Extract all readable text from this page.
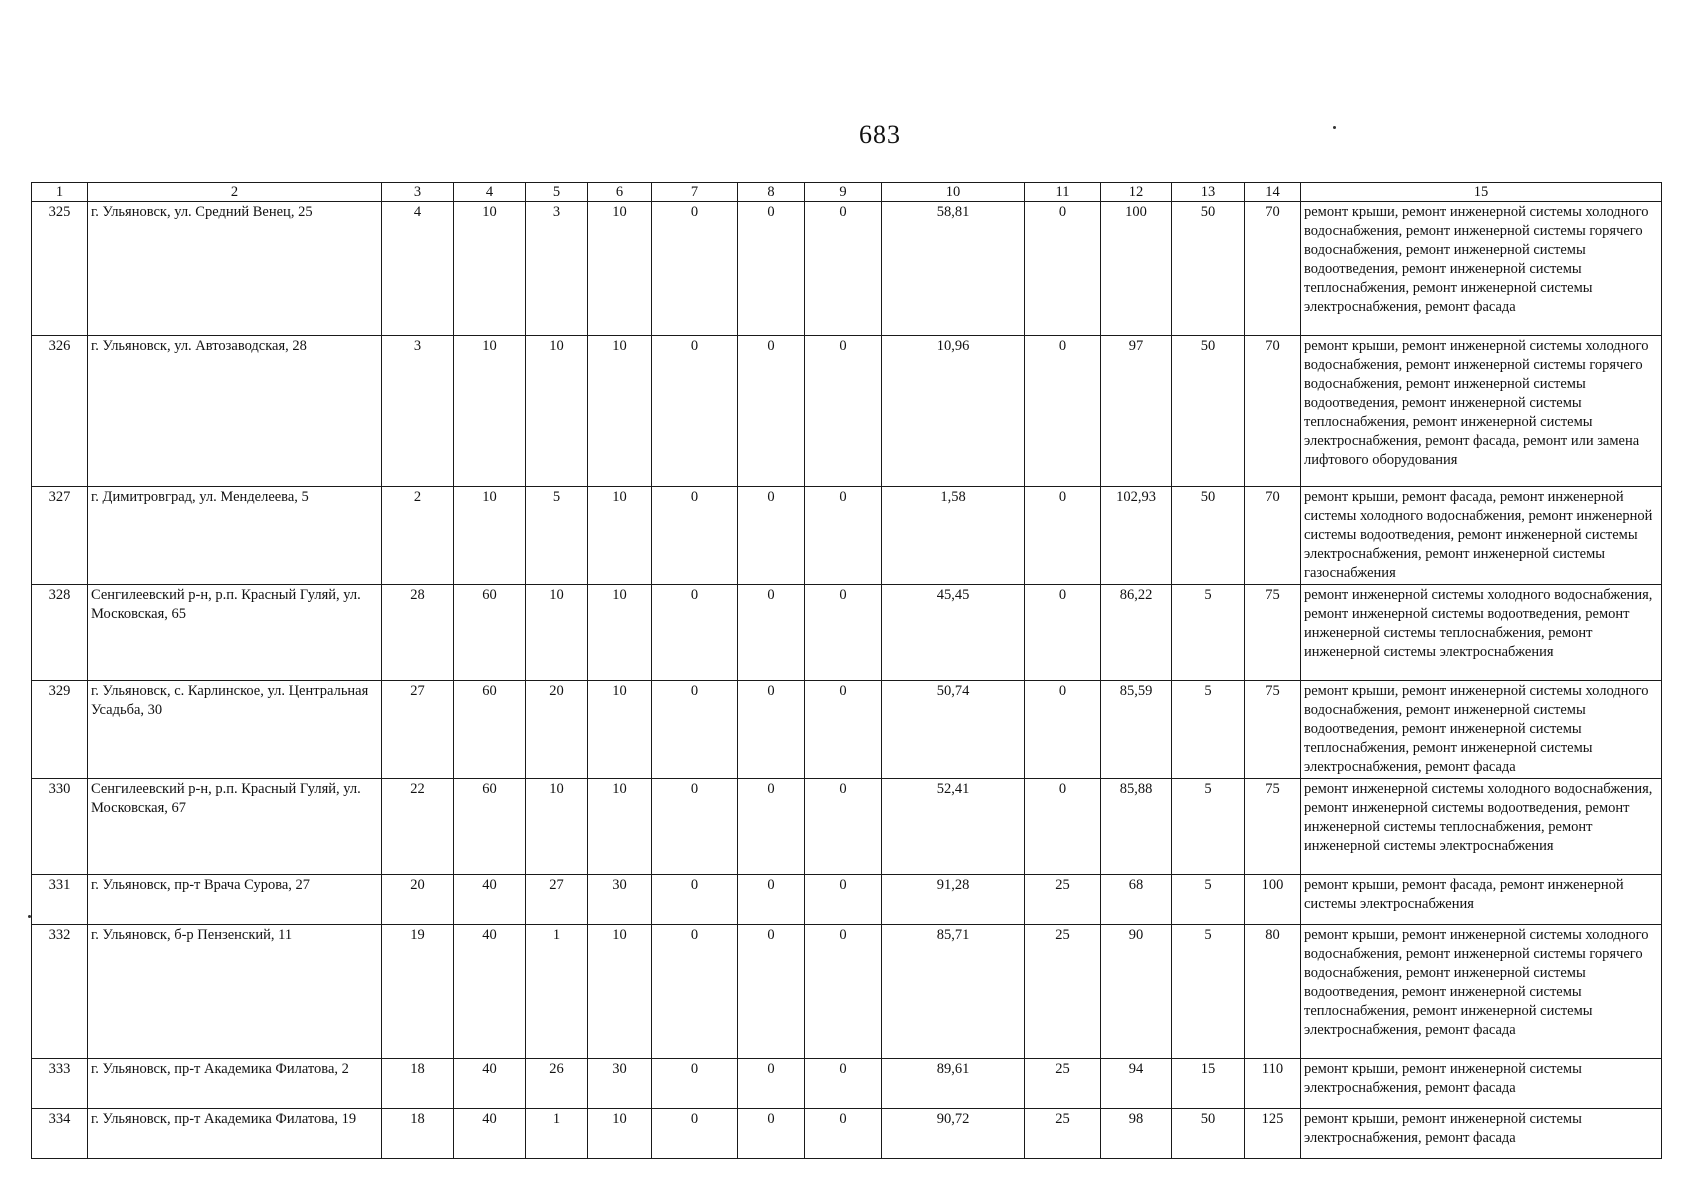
683
1	2	3	4	5	6	7	8	9	10	11	12	13	14	15
325	г. Ульяновск, ул. Средний Венец, 25	4	10	3	10	0	0	0	58,81	0	100	50	70	ремонт крыши, ремонт инженерной системы холодного водоснабжения, ремонт инженерной системы горячего водоснабжения, ремонт инженерной системы водоотведения, ремонт инженерной системы теплоснабжения, ремонт инженерной системы электроснабжения, ремонт фасада
326	г. Ульяновск, ул. Автозаводская, 28	3	10	10	10	0	0	0	10,96	0	97	50	70	ремонт крыши, ремонт инженерной системы холодного водоснабжения, ремонт инженерной системы горячего водоснабжения, ремонт инженерной системы водоотведения, ремонт инженерной системы теплоснабжения, ремонт инженерной системы электроснабжения, ремонт фасада, ремонт или замена лифтового оборудования
327	г. Димитровград, ул. Менделеева, 5	2	10	5	10	0	0	0	1,58	0	102,93	50	70	ремонт крыши, ремонт фасада, ремонт инженерной системы холодного водоснабжения, ремонт инженерной системы водоотведения, ремонт инженерной системы электроснабжения, ремонт инженерной системы газоснабжения
328	Сенгилеевский р-н, р.п. Красный Гуляй, ул. Московская, 65	28	60	10	10	0	0	0	45,45	0	86,22	5	75	ремонт инженерной системы холодного водоснабжения, ремонт инженерной системы водоотведения, ремонт инженерной системы теплоснабжения, ремонт инженерной системы электроснабжения
329	г. Ульяновск, с. Карлинское, ул. Центральная Усадьба, 30	27	60	20	10	0	0	0	50,74	0	85,59	5	75	ремонт крыши, ремонт инженерной системы холодного водоснабжения, ремонт инженерной системы водоотведения, ремонт инженерной системы теплоснабжения, ремонт инженерной системы электроснабжения, ремонт фасада
330	Сенгилеевский р-н, р.п. Красный Гуляй, ул. Московская, 67	22	60	10	10	0	0	0	52,41	0	85,88	5	75	ремонт инженерной системы холодного водоснабжения, ремонт инженерной системы водоотведения, ремонт инженерной системы теплоснабжения, ремонт инженерной системы электроснабжения
331	г. Ульяновск, пр-т Врача Сурова, 27	20	40	27	30	0	0	0	91,28	25	68	5	100	ремонт крыши, ремонт фасада, ремонт инженерной системы электроснабжения
332	г. Ульяновск, б-р Пензенский, 11	19	40	1	10	0	0	0	85,71	25	90	5	80	ремонт крыши, ремонт инженерной системы холодного водоснабжения, ремонт инженерной системы горячего водоснабжения, ремонт инженерной системы водоотведения, ремонт инженерной системы теплоснабжения, ремонт инженерной системы электроснабжения, ремонт фасада
333	г. Ульяновск, пр-т Академика Филатова, 2	18	40	26	30	0	0	0	89,61	25	94	15	110	ремонт крыши, ремонт инженерной системы электроснабжения, ремонт фасада
334	г. Ульяновск, пр-т Академика Филатова, 19	18	40	1	10	0	0	0	90,72	25	98	50	125	ремонт крыши, ремонт инженерной системы электроснабжения, ремонт фасада
